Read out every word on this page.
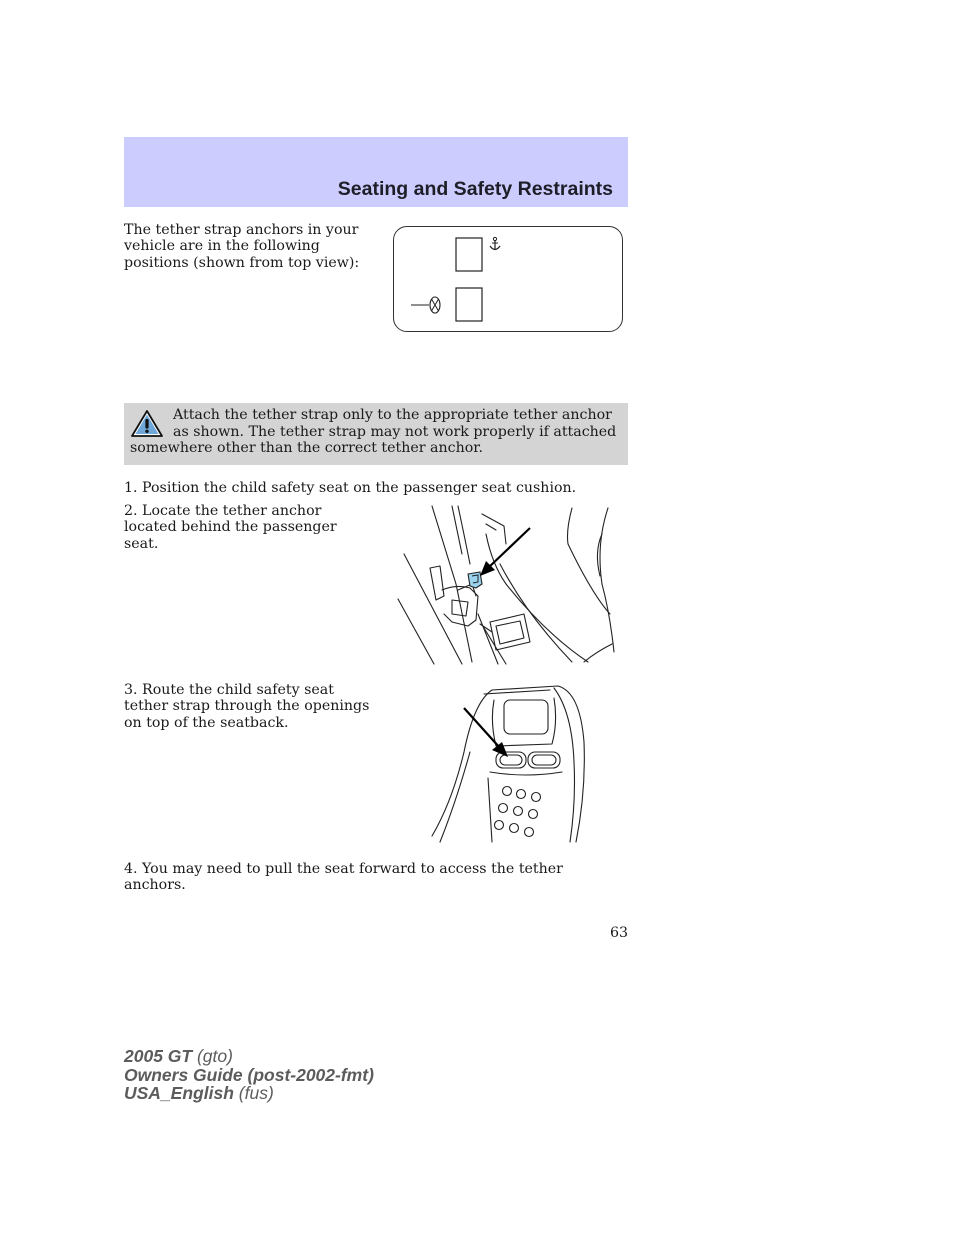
Seating and Safety Restraints

The tether strap anchors in your vehicle are in the following positions (shown from top view):

Attach the tether strap only to the appropriate tether anchor as shown. The tether strap may not work properly if attached somewhere other than the correct tether anchor.

1. Position the child safety seat on the passenger seat cushion.

2. Locate the tether anchor located behind the passenger seat.

3. Route the child safety seat tether strap through the openings on top of the seatback.

4. You may need to pull the seat forward to access the tether anchors.

63
2005 GT (gto)
Owners Guide (post-2002-fmt)
USA_English (fus)
